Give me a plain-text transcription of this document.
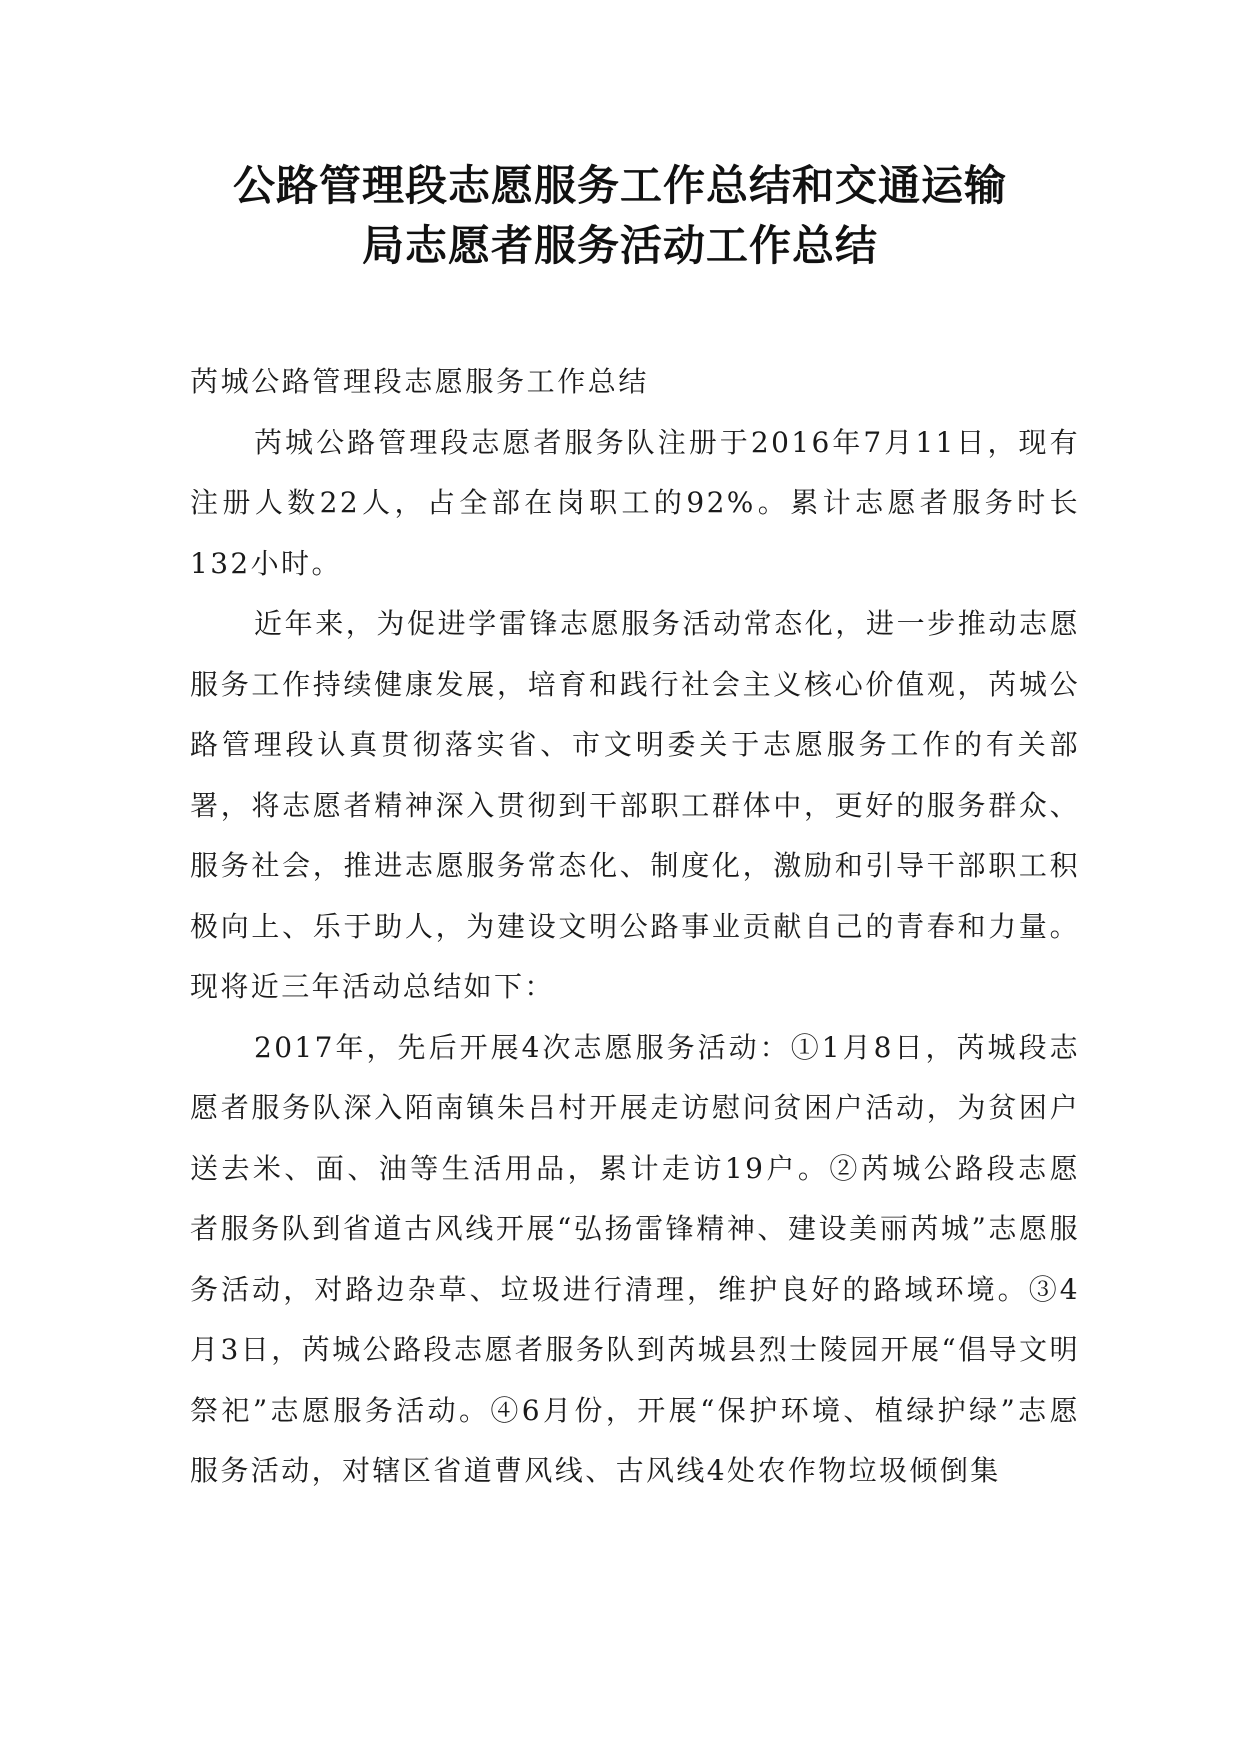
公路管理段志愿服务工作总结和交通运输
局志愿者服务活动工作总结

芮城公路管理段志愿服务工作总结

芮城公路管理段志愿者服务队注册于2016年7月11日，现有注册人数22人，占全部在岗职工的92%。累计志愿者服务时长132小时。

近年来，为促进学雷锋志愿服务活动常态化，进一步推动志愿服务工作持续健康发展，培育和践行社会主义核心价值观，芮城公路管理段认真贯彻落实省、市文明委关于志愿服务工作的有关部署，将志愿者精神深入贯彻到干部职工群体中，更好的服务群众、服务社会，推进志愿服务常态化、制度化，激励和引导干部职工积极向上、乐于助人，为建设文明公路事业贡献自己的青春和力量。现将近三年活动总结如下：

2017年，先后开展4次志愿服务活动：①1月8日，芮城段志愿者服务队深入陌南镇朱吕村开展走访慰问贫困户活动，为贫困户送去米、面、油等生活用品，累计走访19户。②芮城公路段志愿者服务队到省道古风线开展“弘扬雷锋精神、建设美丽芮城”志愿服务活动，对路边杂草、垃圾进行清理，维护良好的路域环境。③4月3日，芮城公路段志愿者服务队到芮城县烈士陵园开展“倡导文明祭祀”志愿服务活动。④6月份，开展“保护环境、植绿护绿”志愿服务活动，对辖区省道曹风线、古风线4处农作物垃圾倾倒集
